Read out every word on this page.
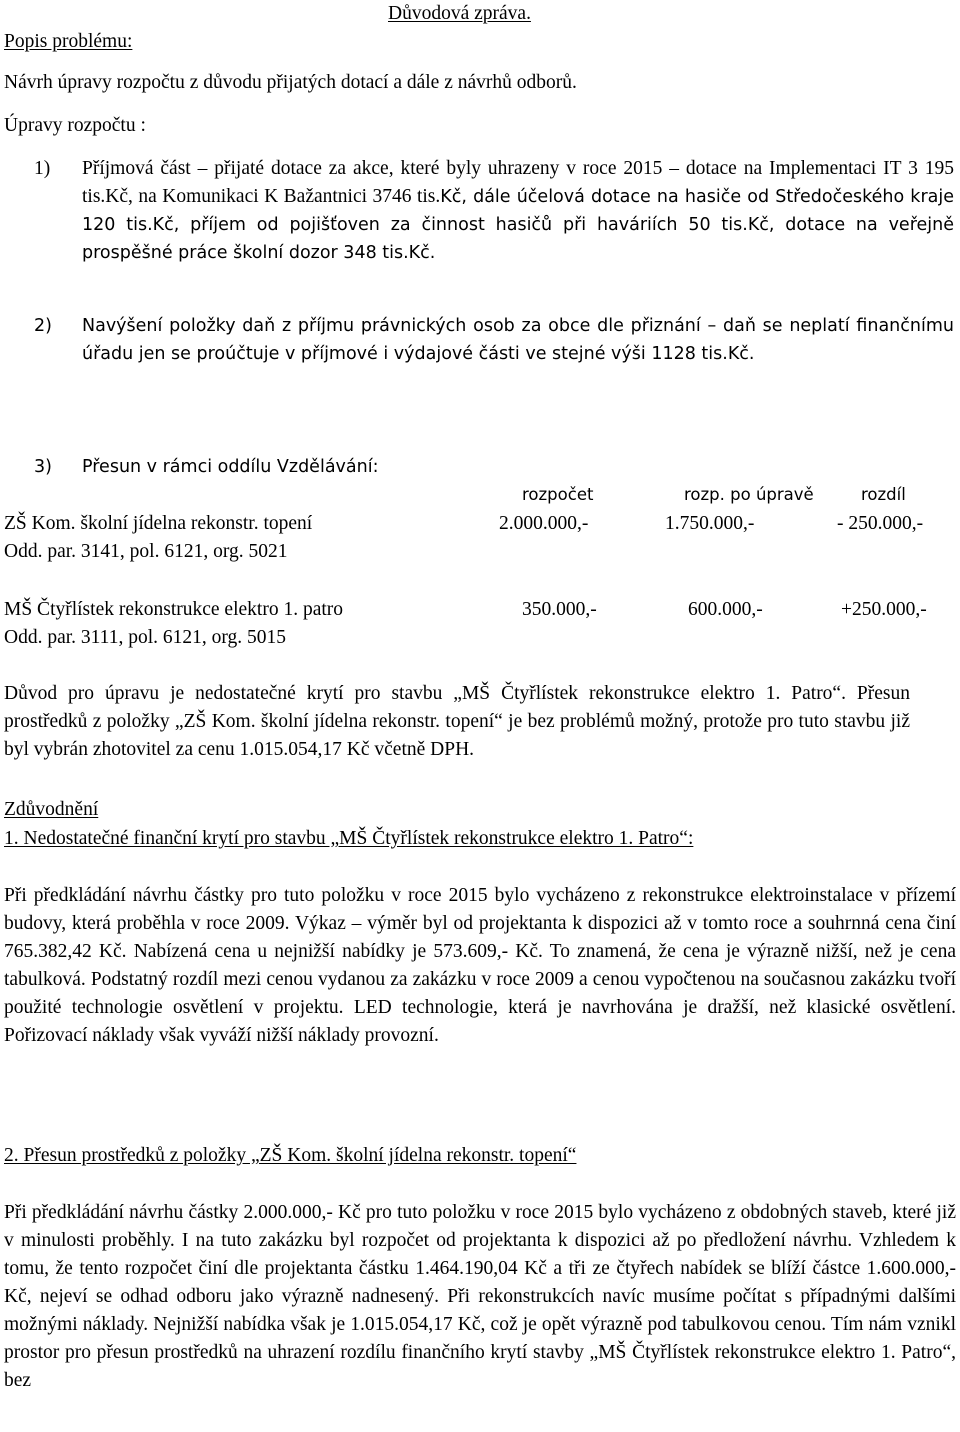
Důvodová zpráva.
Popis problému:
Návrh úpravy rozpočtu z důvodu přijatých dotací a dále z návrhů odborů.
Úpravy rozpočtu :
1) Příjmová část – přijaté dotace za akce, které byly uhrazeny v roce 2015 – dotace na Implementaci IT 3 195 tis.Kč, na Komunikaci K Bažantnici 3746 tis.Kč, dále účelová dotace na hasiče od Středočeského kraje 120 tis.Kč, příjem od pojišťoven za činnost hasičů při haváriích 50 tis.Kč, dotace na veřejně prospěšné práce školní dozor 348 tis.Kč.
2) Navýšení položky daň z příjmu právnických osob za obce dle přiznání – daň se neplatí finančnímu úřadu jen se proúčtuje v příjmové i výdajové části ve stejné výši 1128 tis.Kč.
3) Přesun v rámci oddílu Vzdělávání:
rozpočet	rozp. po úpravě	rozdíl
ZŠ Kom. školní jídelna rekonstr. topení
Odd. par. 3141, pol. 6121, org. 5021
2.000.000,-	1.750.000,-	- 250.000,-
MŠ Čtyřlístek rekonstrukce elektro 1. patro
Odd. par. 3111, pol. 6121, org. 5015
350.000,-	600.000,-	+250.000,-
Důvod pro úpravu je nedostatečné krytí pro stavbu „MŠ Čtyřlístek rekonstrukce elektro 1. Patro“. Přesun prostředků z položky „ZŠ Kom. školní jídelna rekonstr. topení“ je bez problémů možný, protože pro tuto stavbu již byl vybrán zhotovitel za cenu 1.015.054,17 Kč včetně DPH.
Zdůvodnění
1. Nedostatečné finanční krytí pro stavbu „MŠ Čtyřlístek rekonstrukce elektro 1. Patro“:
Při předkládání návrhu částky pro tuto položku v roce 2015 bylo vycházeno z rekonstrukce elektroinstalace v přízemí budovy, která proběhla v roce 2009. Výkaz – výměr byl od projektanta k dispozici až v tomto roce a souhrnná cena činí 765.382,42 Kč. Nabízená cena u nejnižší nabídky je 573.609,- Kč. To znamená, že cena je výrazně nižší, než je cena tabulková. Podstatný rozdíl mezi cenou vydanou za zakázku v roce 2009 a cenou vypočtenou na současnou zakázku tvoří použité technologie osvětlení v projektu. LED technologie, která je navrhována je dražší, než klasické osvětlení. Pořizovací náklady však vyváží nižší náklady provozní.
2. Přesun prostředků z položky „ZŠ Kom. školní jídelna rekonstr. topení“
Při předkládání návrhu částky 2.000.000,- Kč pro tuto položku v roce 2015 bylo vycházeno z obdobných staveb, které již v minulosti proběhly. I na tuto zakázku byl rozpočet od projektanta k dispozici až po předložení návrhu. Vzhledem k tomu, že tento rozpočet činí dle projektanta částku 1.464.190,04 Kč a tři ze čtyřech nabídek se blíží částce 1.600.000,- Kč, nejeví se odhad odboru jako výrazně nadnesený. Při rekonstrukcích navíc musíme počítat s případnými dalšími možnými náklady. Nejnižší nabídka však je 1.015.054,17 Kč, což je opět výrazně pod tabulkovou cenou. Tím nám vznikl prostor pro přesun prostředků na uhrazení rozdílu finančního krytí stavby „MŠ Čtyřlístek rekonstrukce elektro 1. Patro“, bez
